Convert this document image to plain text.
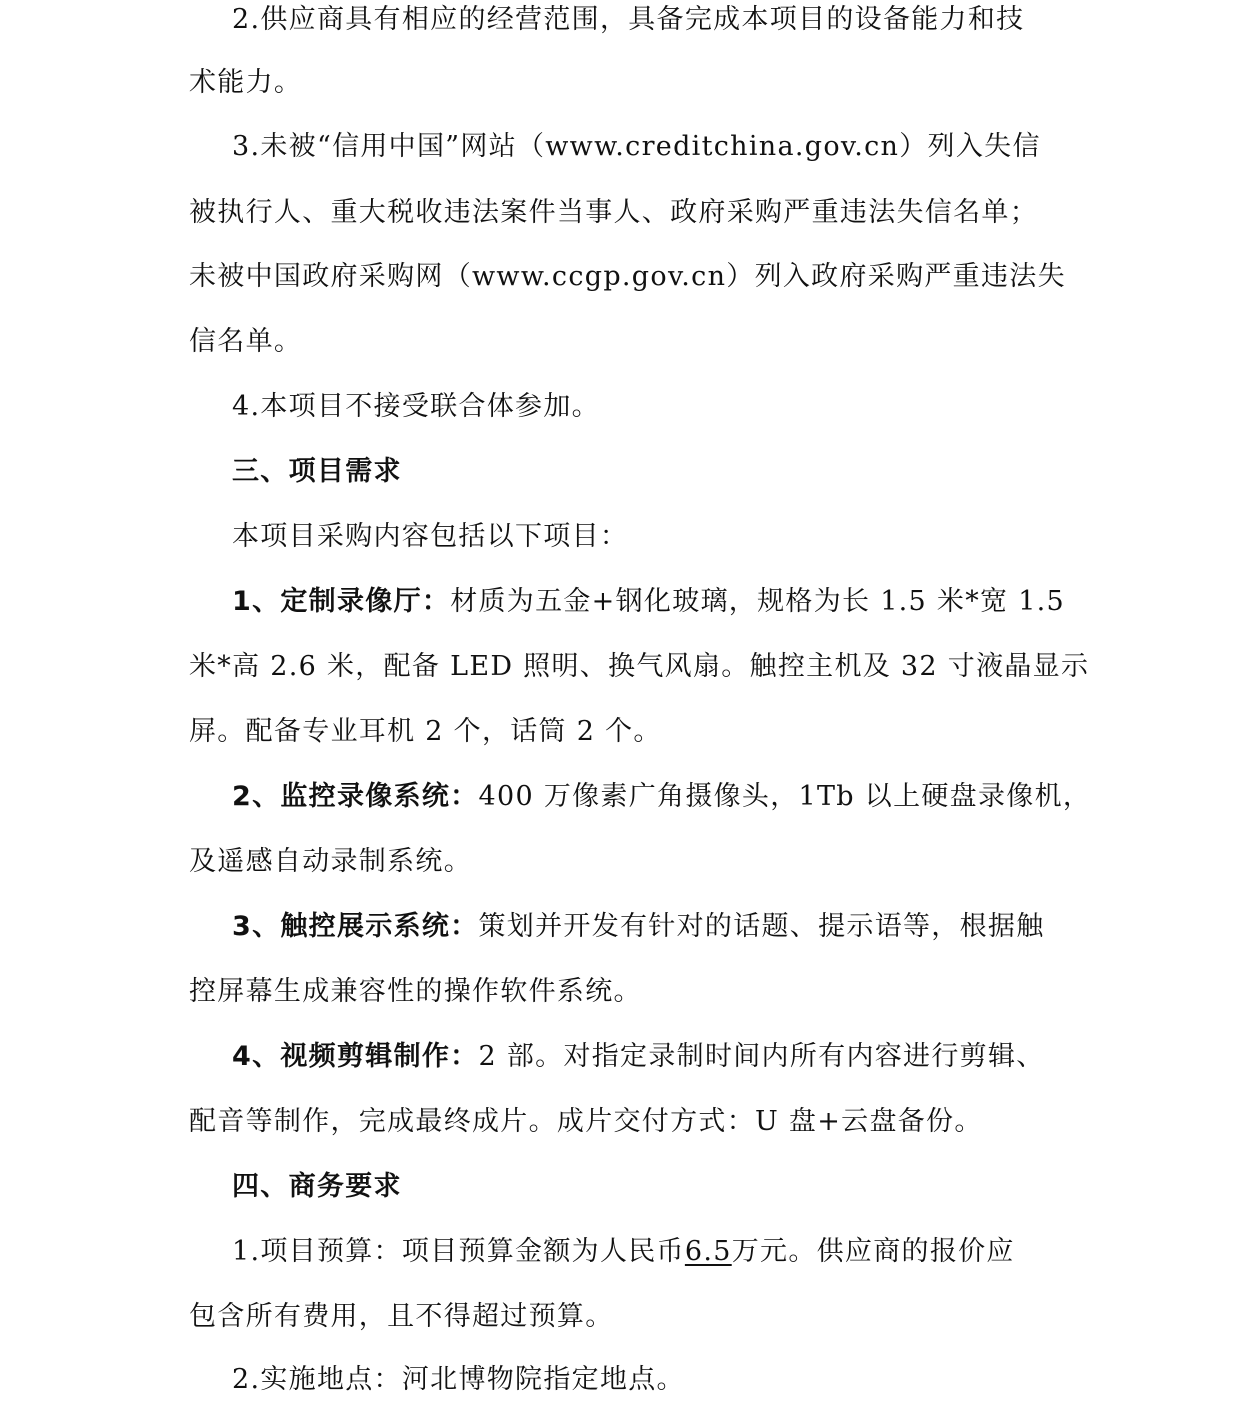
2.供应商具有相应的经营范围，具备完成本项目的设备能力和技
术能力。
3.未被“信用中国”网站（www.creditchina.gov.cn）列入失信
被执行人、重大税收违法案件当事人、政府采购严重违法失信名单；
未被中国政府采购网（www.ccgp.gov.cn）列入政府采购严重违法失
信名单。
4.本项目不接受联合体参加。
三、项目需求
本项目采购内容包括以下项目：
1、定制录像厅：材质为五金+钢化玻璃，规格为长 1.5 米*宽 1.5
米*高 2.6 米，配备 LED 照明、换气风扇。触控主机及 32 寸液晶显示
屏。配备专业耳机 2 个，话筒 2 个。
2、监控录像系统：400 万像素广角摄像头，1Tb 以上硬盘录像机，
及遥感自动录制系统。
3、触控展示系统：策划并开发有针对的话题、提示语等，根据触
控屏幕生成兼容性的操作软件系统。
4、视频剪辑制作：2 部。对指定录制时间内所有内容进行剪辑、
配音等制作，完成最终成片。成片交付方式：U 盘+云盘备份。
四、商务要求
1.项目预算：项目预算金额为人民币6.5万元。供应商的报价应
包含所有费用，且不得超过预算。
2.实施地点：河北博物院指定地点。
